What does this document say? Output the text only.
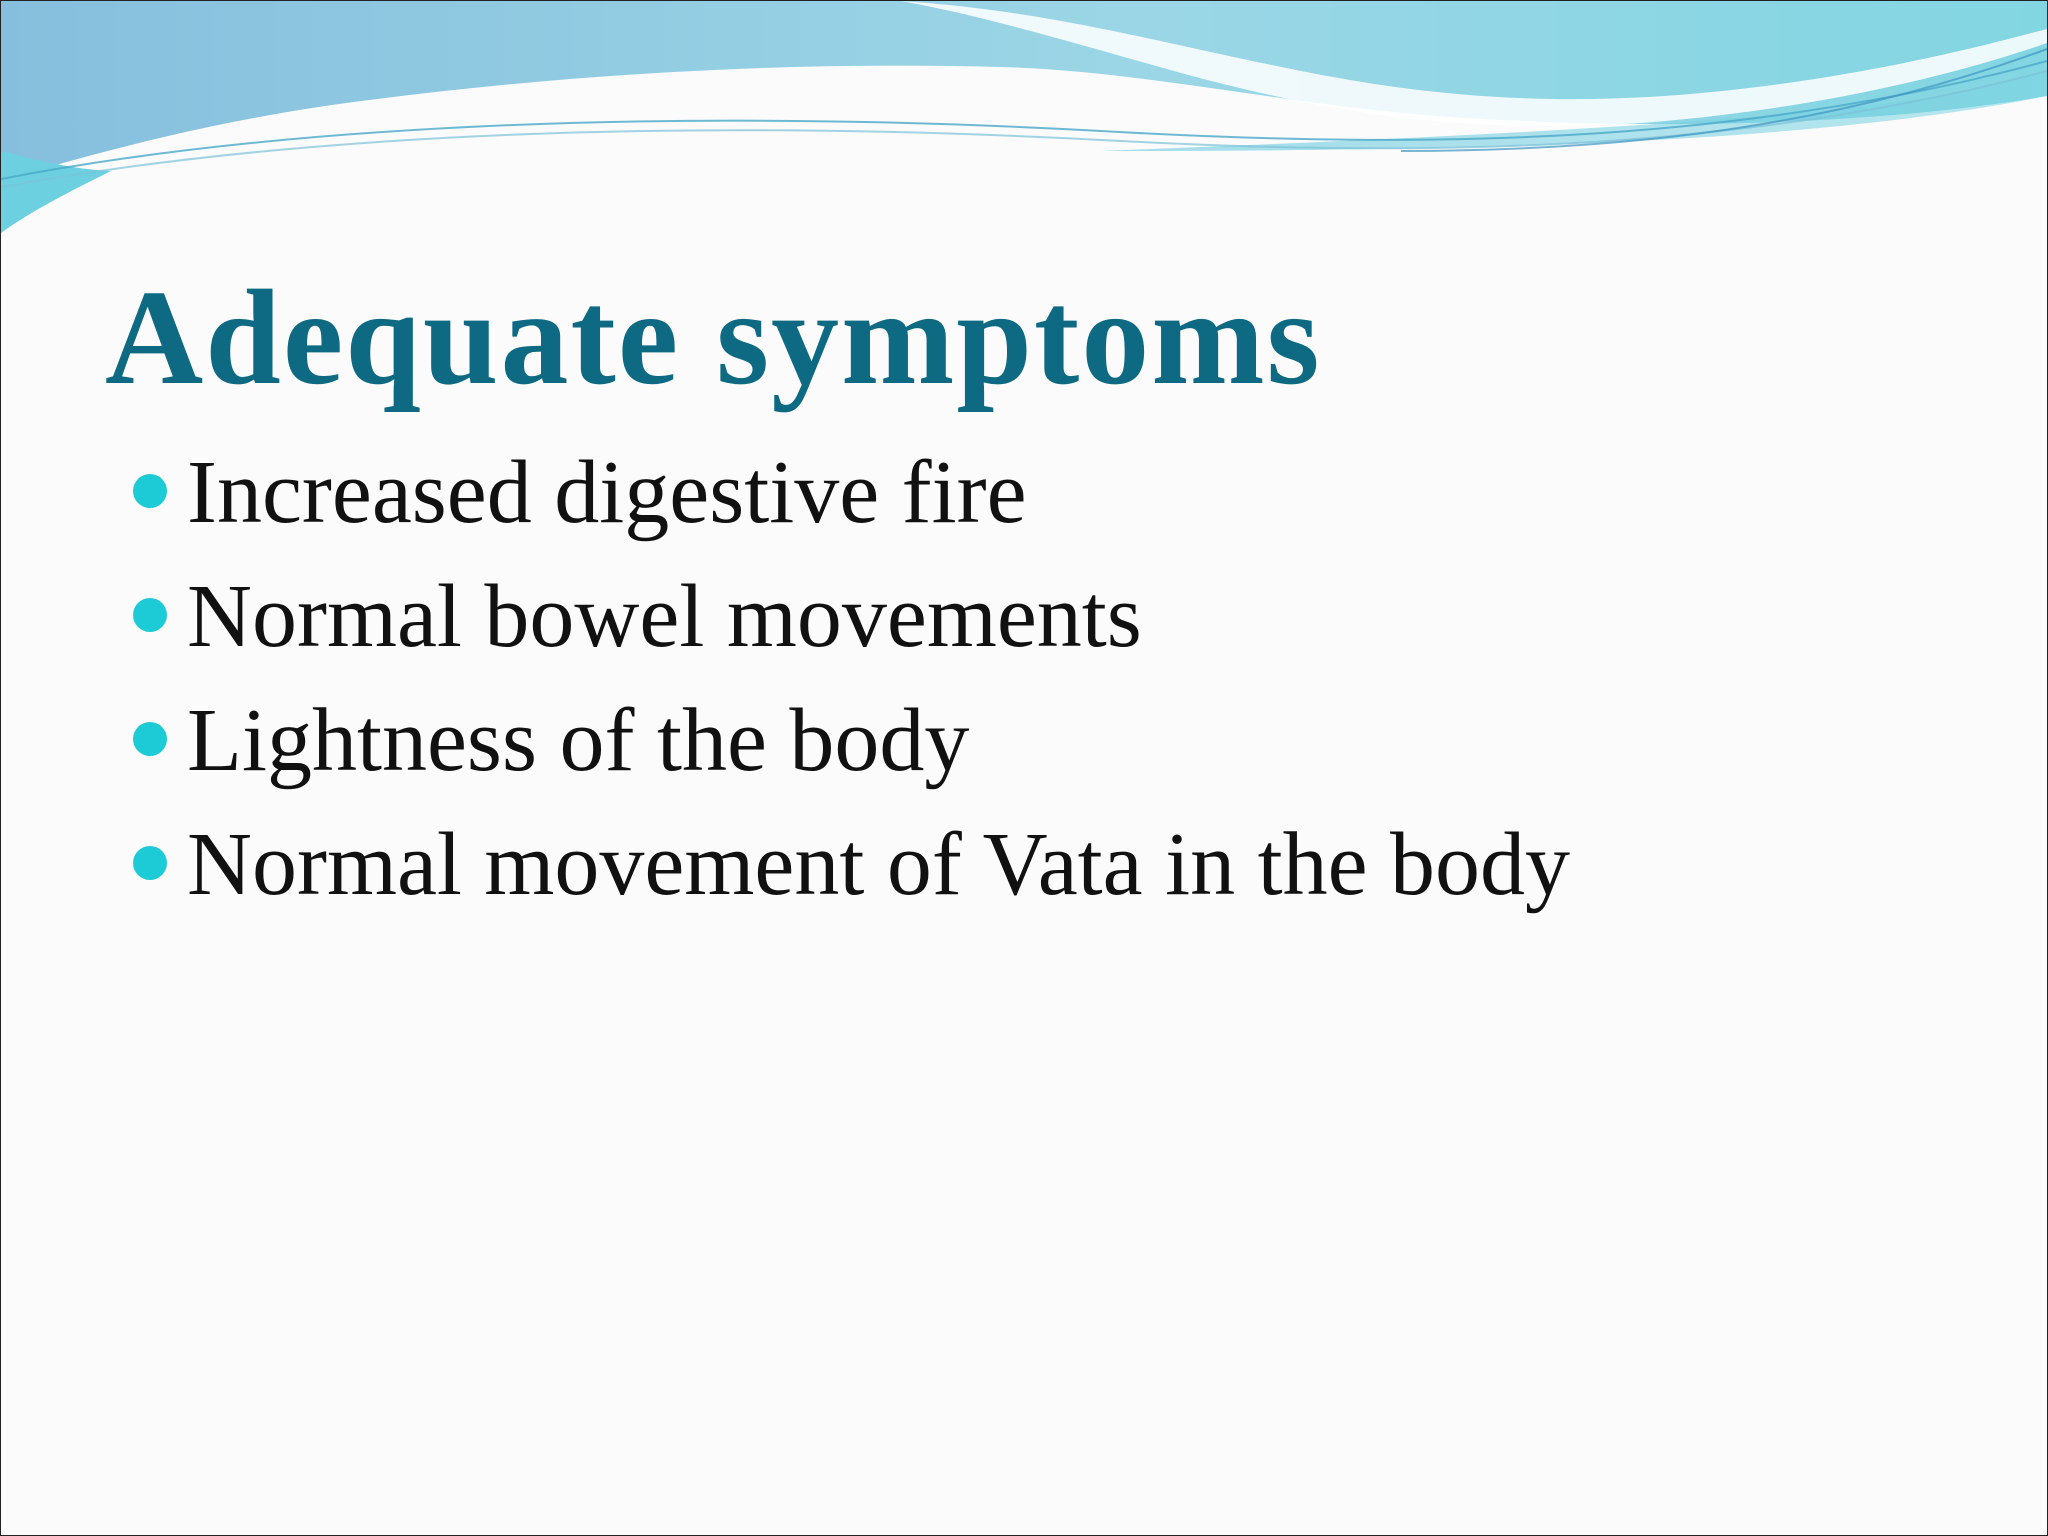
Adequate symptoms
Increased digestive fire
Normal bowel movements
Lightness of the body
Normal movement of Vata in the body
